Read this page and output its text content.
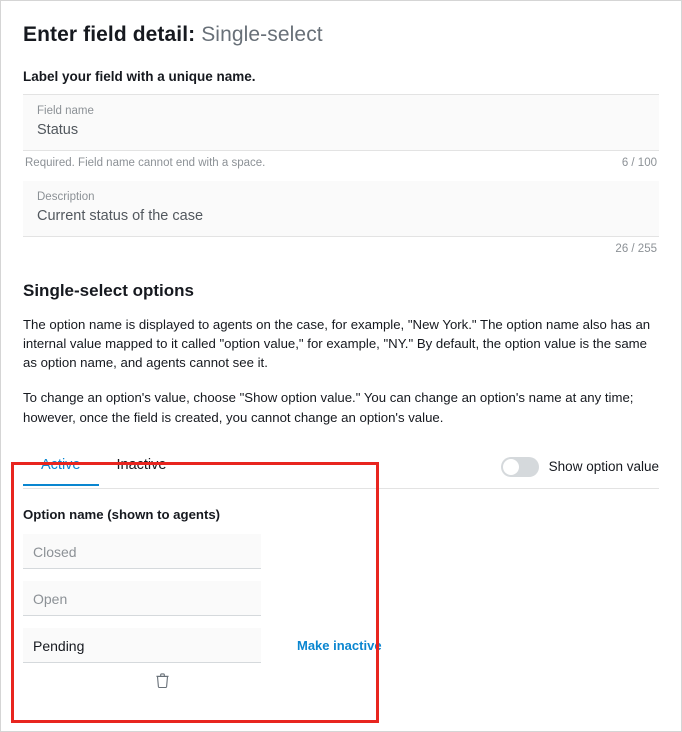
Enter field detail: Single-select
Label your field with a unique name.
Field name
Status
Required. Field name cannot end with a space.	6 / 100
Description
Current status of the case
26 / 255
Single-select options

The option name is displayed to agents on the case, for example, "New York." The option name also has an internal value mapped to it called "option value," for example, "NY." By default, the option value is the same as option name, and agents cannot see it.

To change an option's value, choose "Show option value." You can change an option's name at any time; however, once the field is created, you cannot change an option's value.

Active	Inactive	Show option value
Option name (shown to agents)
Closed
Open
Pending	Make inactive
